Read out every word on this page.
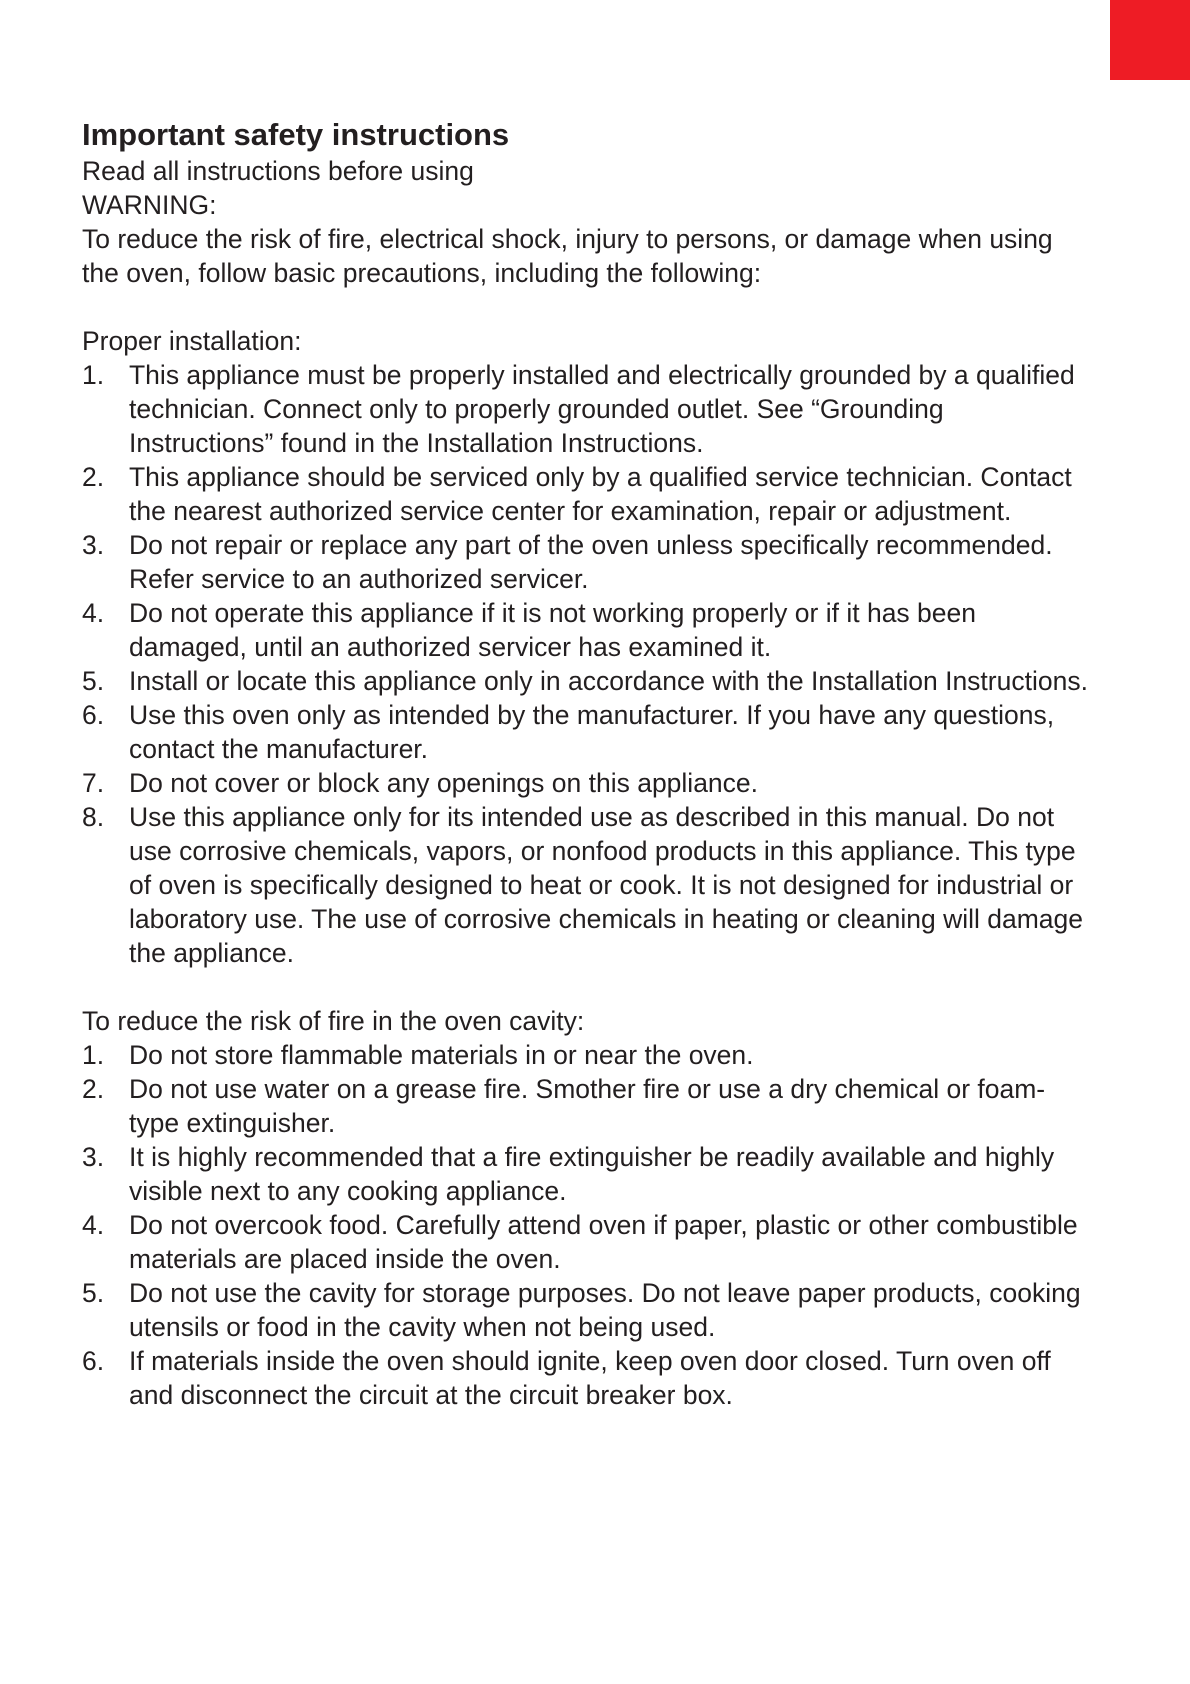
Important safety instructions

Read all instructions before using

WARNING:

To reduce the risk of fire, electrical shock, injury to persons, or damage when using the oven, follow basic precautions, including the following:

Proper installation:

1. This appliance must be properly installed and electrically grounded by a qualified technician. Connect only to properly grounded outlet. See “Grounding Instructions” found in the Installation Instructions.
2. This appliance should be serviced only by a qualified service technician. Contact the nearest authorized service center for examination, repair or adjustment.
3. Do not repair or replace any part of the oven unless specifically recommended. Refer service to an authorized servicer.
4. Do not operate this appliance if it is not working properly or if it has been damaged, until an authorized servicer has examined it.
5. Install or locate this appliance only in accordance with the Installation Instructions.
6. Use this oven only as intended by the manufacturer. If you have any questions, contact the manufacturer.
7. Do not cover or block any openings on this appliance.
8. Use this appliance only for its intended use as described in this manual. Do not use corrosive chemicals, vapors, or nonfood products in this appliance. This type of oven is specifically designed to heat or cook. It is not designed for industrial or laboratory use. The use of corrosive chemicals in heating or cleaning will damage the appliance.

To reduce the risk of fire in the oven cavity:

1. Do not store flammable materials in or near the oven.
2. Do not use water on a grease fire. Smother fire or use a dry chemical or foam-type extinguisher.
3. It is highly recommended that a fire extinguisher be readily available and highly visible next to any cooking appliance.
4. Do not overcook food. Carefully attend oven if paper, plastic or other combustible materials are placed inside the oven.
5. Do not use the cavity for storage purposes. Do not leave paper products, cooking utensils or food in the cavity when not being used.
6. If materials inside the oven should ignite, keep oven door closed. Turn oven off and disconnect the circuit at the circuit breaker box.
